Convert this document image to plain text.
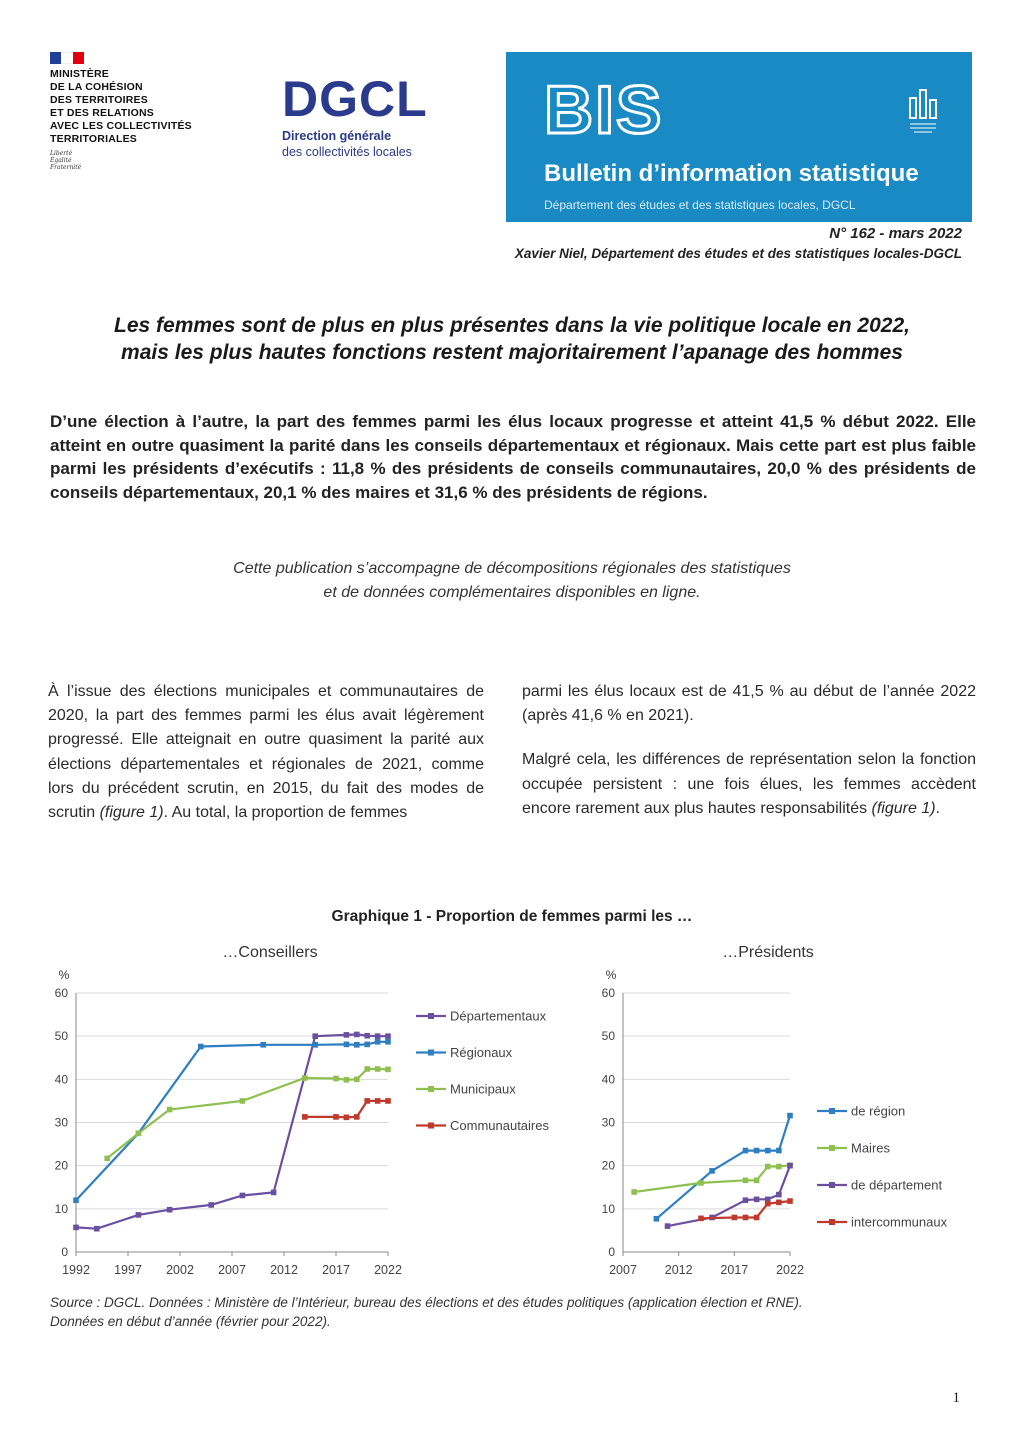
MINISTÈRE
DE LA COHÉSION
DES TERRITOIRES
ET DES RELATIONS
AVEC LES COLLECTIVITÉS
TERRITORIALES
Liberté
Égalité
Fraternité
DGCL
Direction générale
des collectivités locales
BIS
Bulletin d’information statistique
Département des études et des statistiques locales, DGCL
N° 162 - mars 2022
Xavier Niel, Département des études et des statistiques locales-DGCL
Les femmes sont de plus en plus présentes dans la vie politique locale en 2022,
mais les plus hautes fonctions restent majoritairement l’apanage des hommes
D’une élection à l’autre, la part des femmes parmi les élus locaux progresse et atteint 41,5 % début 2022. Elle atteint en outre quasiment la parité dans les conseils départementaux et régionaux. Mais cette part est plus faible parmi les présidents d’exécutifs : 11,8 % des présidents de conseils communautaires, 20,0 % des présidents de conseils départementaux, 20,1 % des maires et 31,6 % des présidents de régions.
Cette publication s’accompagne de décompositions régionales des statistiques
et de données complémentaires disponibles en ligne.

À l’issue des élections municipales et communautaires de 2020, la part des femmes parmi les élus avait légèrement progressé. Elle atteignait en outre quasiment la parité aux élections départementales et régionales de 2021, comme lors du précédent scrutin, en 2015, du fait des modes de scrutin (figure 1). Au total, la proportion de femmes

parmi les élus locaux est de 41,5 % au début de l’année 2022 (après 41,6 % en 2021).

Malgré cela, les différences de représentation selon la fonction occupée persistent : une fois élues, les femmes accèdent encore rarement aux plus hautes responsabilités (figure 1).

Graphique 1 - Proportion de femmes parmi les …
…Conseillers
%
0
10
20
30
40
50
60
1992 1997 2002 2007 2012 2017 2022
Départementaux
Régionaux
Municipaux
Communautaires
…Présidents
%
0
10
20
30
40
50
60
2007 2012 2017 2022
de région
Maires
de département
intercommunaux
Source : DGCL. Données : Ministère de l’Intérieur, bureau des élections et des études politiques (application élection et RNE).
Données en début d’année (février pour 2022).
1
